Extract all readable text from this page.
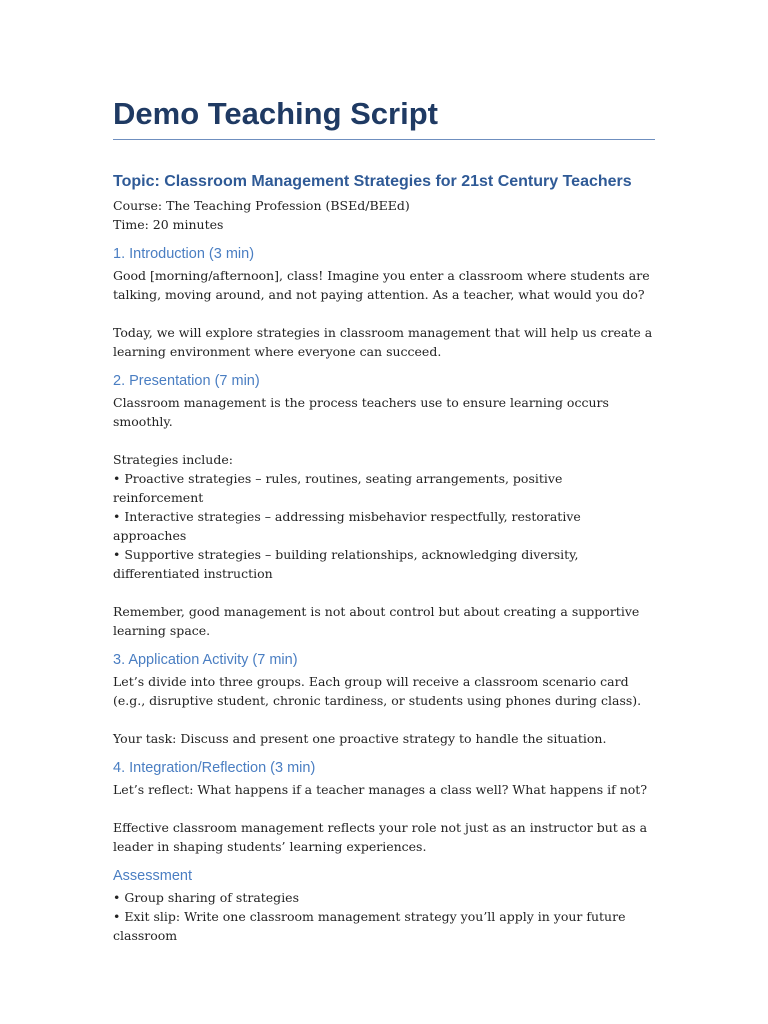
Demo Teaching Script
Topic: Classroom Management Strategies for 21st Century Teachers

Course: The Teaching Profession (BSEd/BEEd)

Time: 20 minutes

1. Introduction (3 min)

Good [morning/afternoon], class! Imagine you enter a classroom where students are talking, moving around, and not paying attention. As a teacher, what would you do?

Today, we will explore strategies in classroom management that will help us create a learning environment where everyone can succeed.

2. Presentation (7 min)

Classroom management is the process teachers use to ensure learning occurs smoothly.

Strategies include:

• Proactive strategies – rules, routines, seating arrangements, positive reinforcement

• Interactive strategies – addressing misbehavior respectfully, restorative approaches

• Supportive strategies – building relationships, acknowledging diversity, differentiated instruction

Remember, good management is not about control but about creating a supportive learning space.

3. Application Activity (7 min)

Let’s divide into three groups. Each group will receive a classroom scenario card (e.g., disruptive student, chronic tardiness, or students using phones during class).

Your task: Discuss and present one proactive strategy to handle the situation.

4. Integration/Reflection (3 min)

Let’s reflect: What happens if a teacher manages a class well? What happens if not?

Effective classroom management reflects your role not just as an instructor but as a leader in shaping students’ learning experiences.

Assessment

• Group sharing of strategies

• Exit slip: Write one classroom management strategy you’ll apply in your future classroom
